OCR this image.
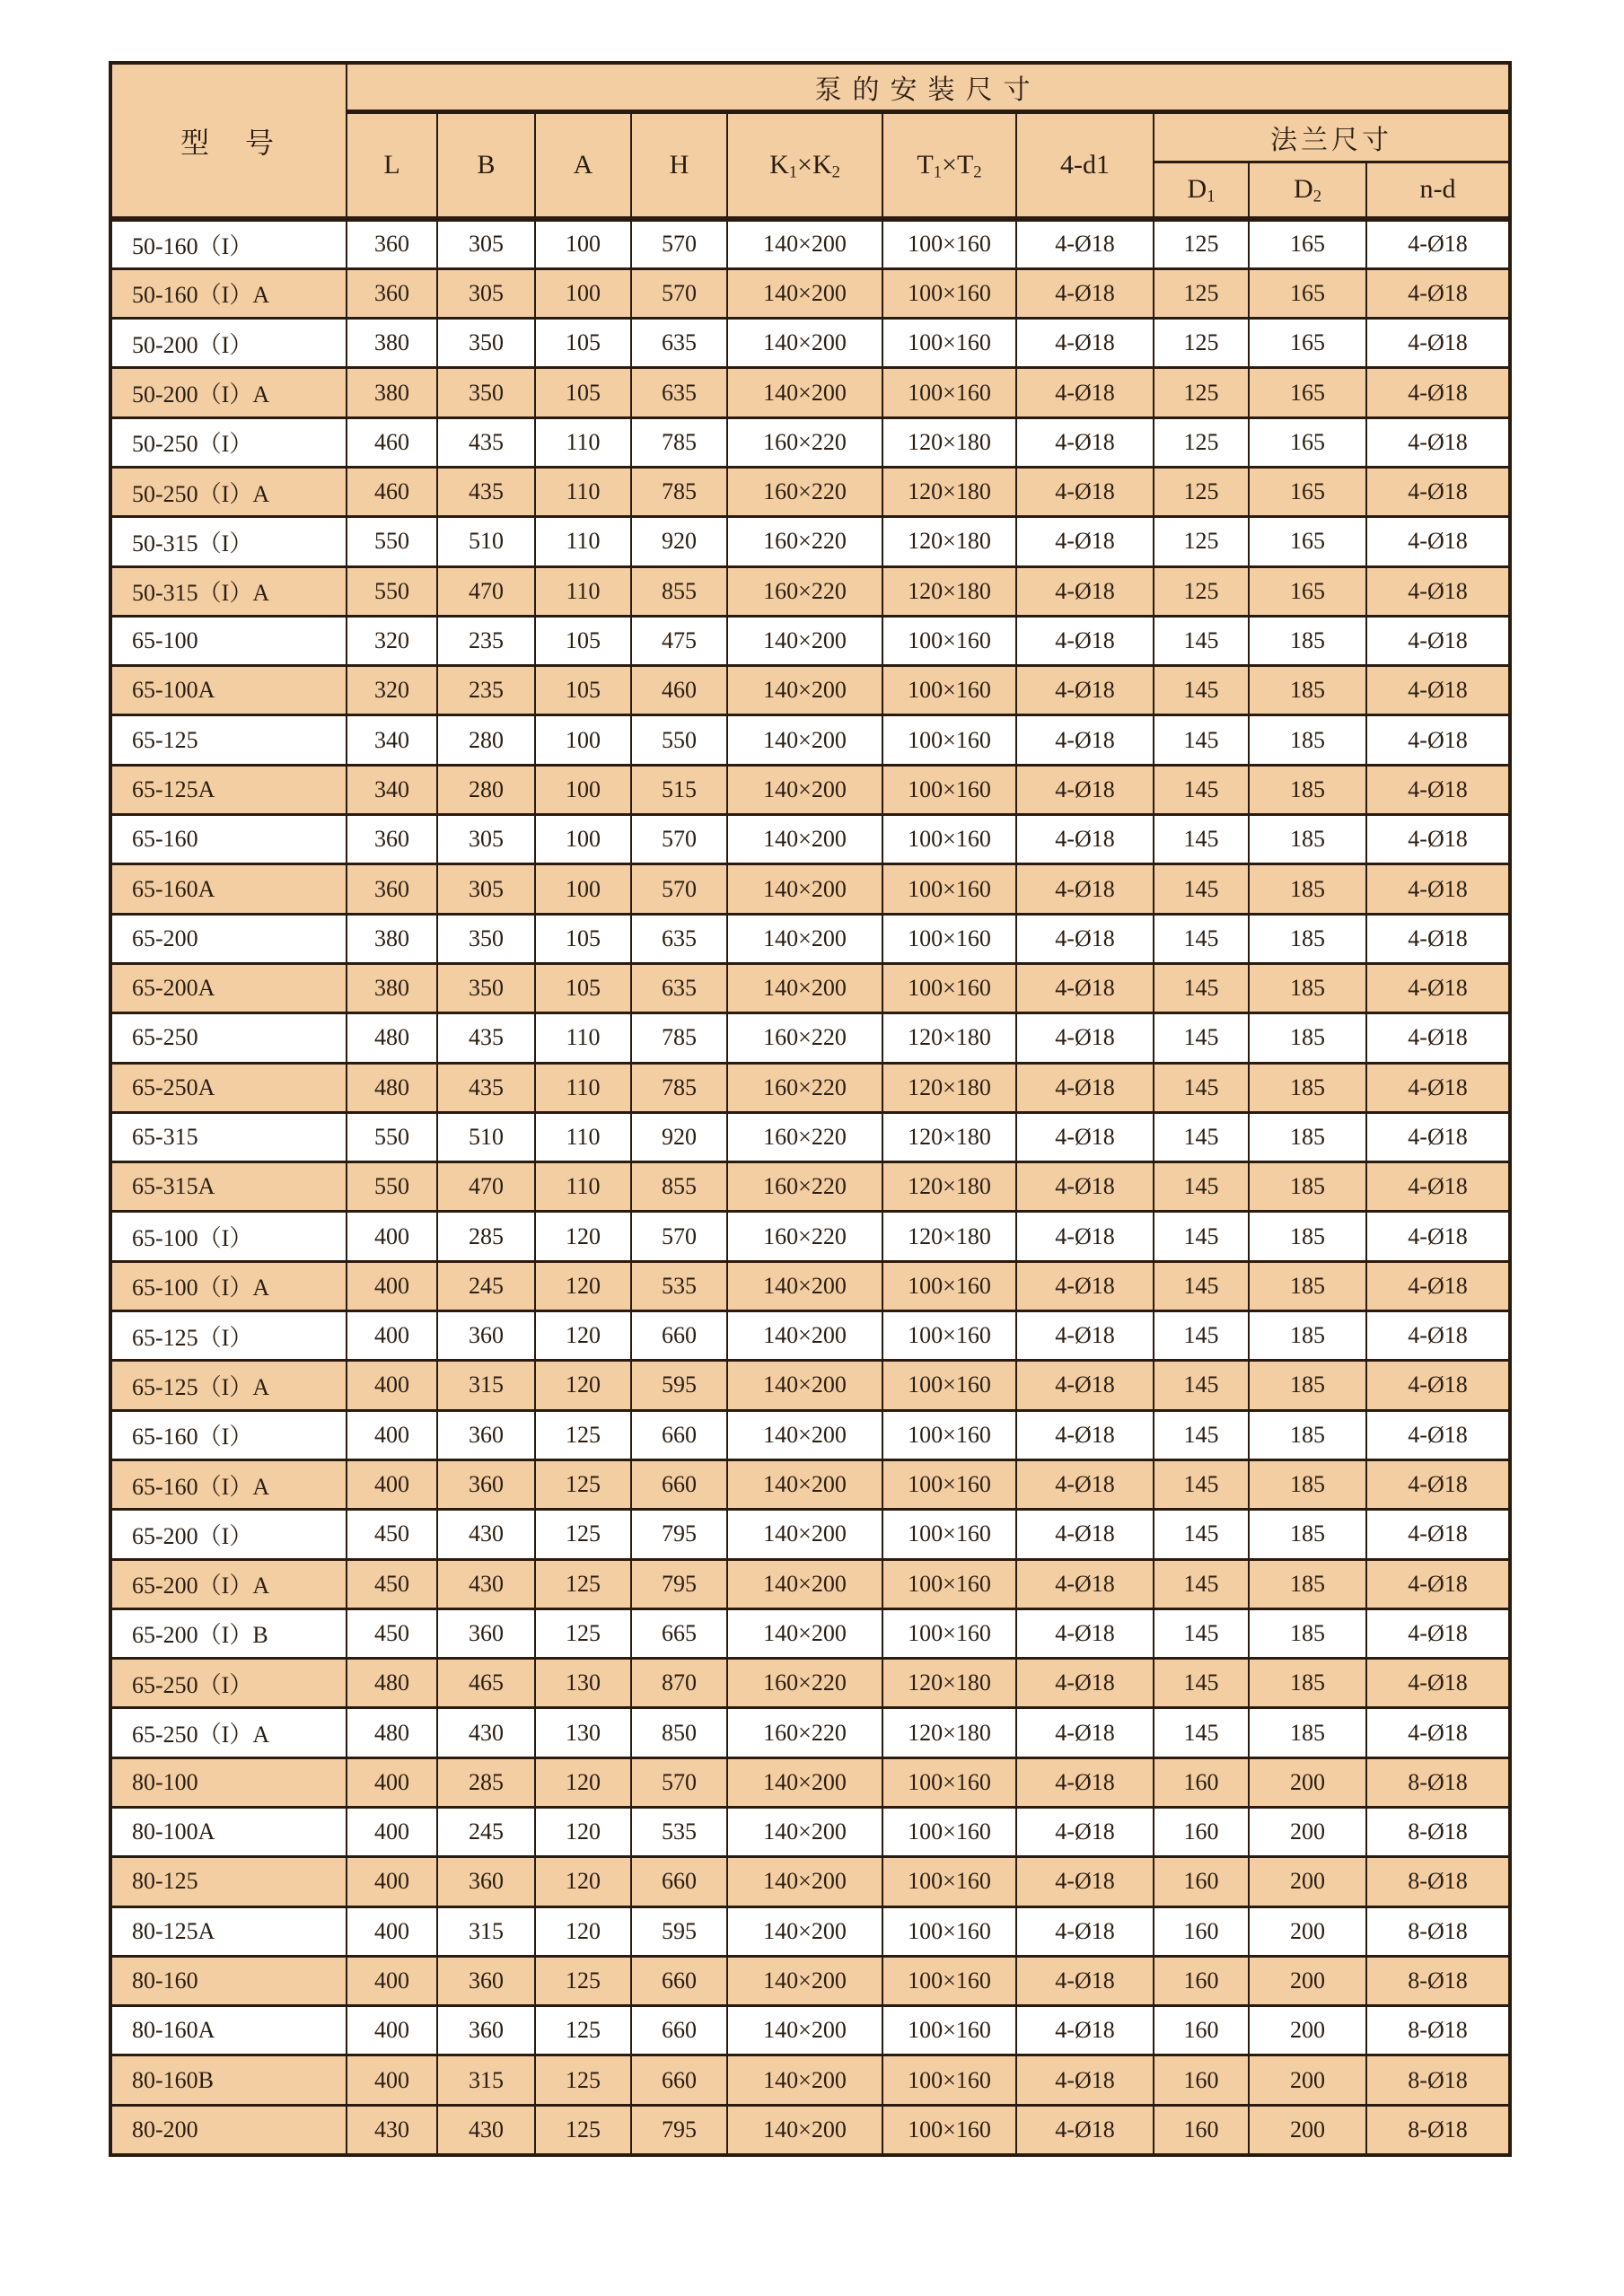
型　号	泵的安装尺寸									
	L	B	A	H	$K_1\times K_2$	$T_1\times T_2$	4-d1	法兰尺寸		
								$D_1$	$D_2$	n-d
50-160（I）	360	305	100	570	140×200	100×160	4-Ø18	125	165	4-Ø18
50-160（I）A	360	305	100	570	140×200	100×160	4-Ø18	125	165	4-Ø18
50-200（I）	380	350	105	635	140×200	100×160	4-Ø18	125	165	4-Ø18
50-200（I）A	380	350	105	635	140×200	100×160	4-Ø18	125	165	4-Ø18
50-250（I）	460	435	110	785	160×220	120×180	4-Ø18	125	165	4-Ø18
50-250（I）A	460	435	110	785	160×220	120×180	4-Ø18	125	165	4-Ø18
50-315（I）	550	510	110	920	160×220	120×180	4-Ø18	125	165	4-Ø18
50-315（I）A	550	470	110	855	160×220	120×180	4-Ø18	125	165	4-Ø18
65-100	320	235	105	475	140×200	100×160	4-Ø18	145	185	4-Ø18
65-100A	320	235	105	460	140×200	100×160	4-Ø18	145	185	4-Ø18
65-125	340	280	100	550	140×200	100×160	4-Ø18	145	185	4-Ø18
65-125A	340	280	100	515	140×200	100×160	4-Ø18	145	185	4-Ø18
65-160	360	305	100	570	140×200	100×160	4-Ø18	145	185	4-Ø18
65-160A	360	305	100	570	140×200	100×160	4-Ø18	145	185	4-Ø18
65-200	380	350	105	635	140×200	100×160	4-Ø18	145	185	4-Ø18
65-200A	380	350	105	635	140×200	100×160	4-Ø18	145	185	4-Ø18
65-250	480	435	110	785	160×220	120×180	4-Ø18	145	185	4-Ø18
65-250A	480	435	110	785	160×220	120×180	4-Ø18	145	185	4-Ø18
65-315	550	510	110	920	160×220	120×180	4-Ø18	145	185	4-Ø18
65-315A	550	470	110	855	160×220	120×180	4-Ø18	145	185	4-Ø18
65-100（I）	400	285	120	570	160×220	120×180	4-Ø18	145	185	4-Ø18
65-100（I）A	400	245	120	535	140×200	100×160	4-Ø18	145	185	4-Ø18
65-125（I）	400	360	120	660	140×200	100×160	4-Ø18	145	185	4-Ø18
65-125（I）A	400	315	120	595	140×200	100×160	4-Ø18	145	185	4-Ø18
65-160（I）	400	360	125	660	140×200	100×160	4-Ø18	145	185	4-Ø18
65-160（I）A	400	360	125	660	140×200	100×160	4-Ø18	145	185	4-Ø18
65-200（I）	450	430	125	795	140×200	100×160	4-Ø18	145	185	4-Ø18
65-200（I）A	450	430	125	795	140×200	100×160	4-Ø18	145	185	4-Ø18
65-200（I）B	450	360	125	665	140×200	100×160	4-Ø18	145	185	4-Ø18
65-250（I）	480	465	130	870	160×220	120×180	4-Ø18	145	185	4-Ø18
65-250（I）A	480	430	130	850	160×220	120×180	4-Ø18	145	185	4-Ø18
80-100	400	285	120	570	140×200	100×160	4-Ø18	160	200	8-Ø18
80-100A	400	245	120	535	140×200	100×160	4-Ø18	160	200	8-Ø18
80-125	400	360	120	660	140×200	100×160	4-Ø18	160	200	8-Ø18
80-125A	400	315	120	595	140×200	100×160	4-Ø18	160	200	8-Ø18
80-160	400	360	125	660	140×200	100×160	4-Ø18	160	200	8-Ø18
80-160A	400	360	125	660	140×200	100×160	4-Ø18	160	200	8-Ø18
80-160B	400	315	125	660	140×200	100×160	4-Ø18	160	200	8-Ø18
80-200	430	430	125	795	140×200	100×160	4-Ø18	160	200	8-Ø18
